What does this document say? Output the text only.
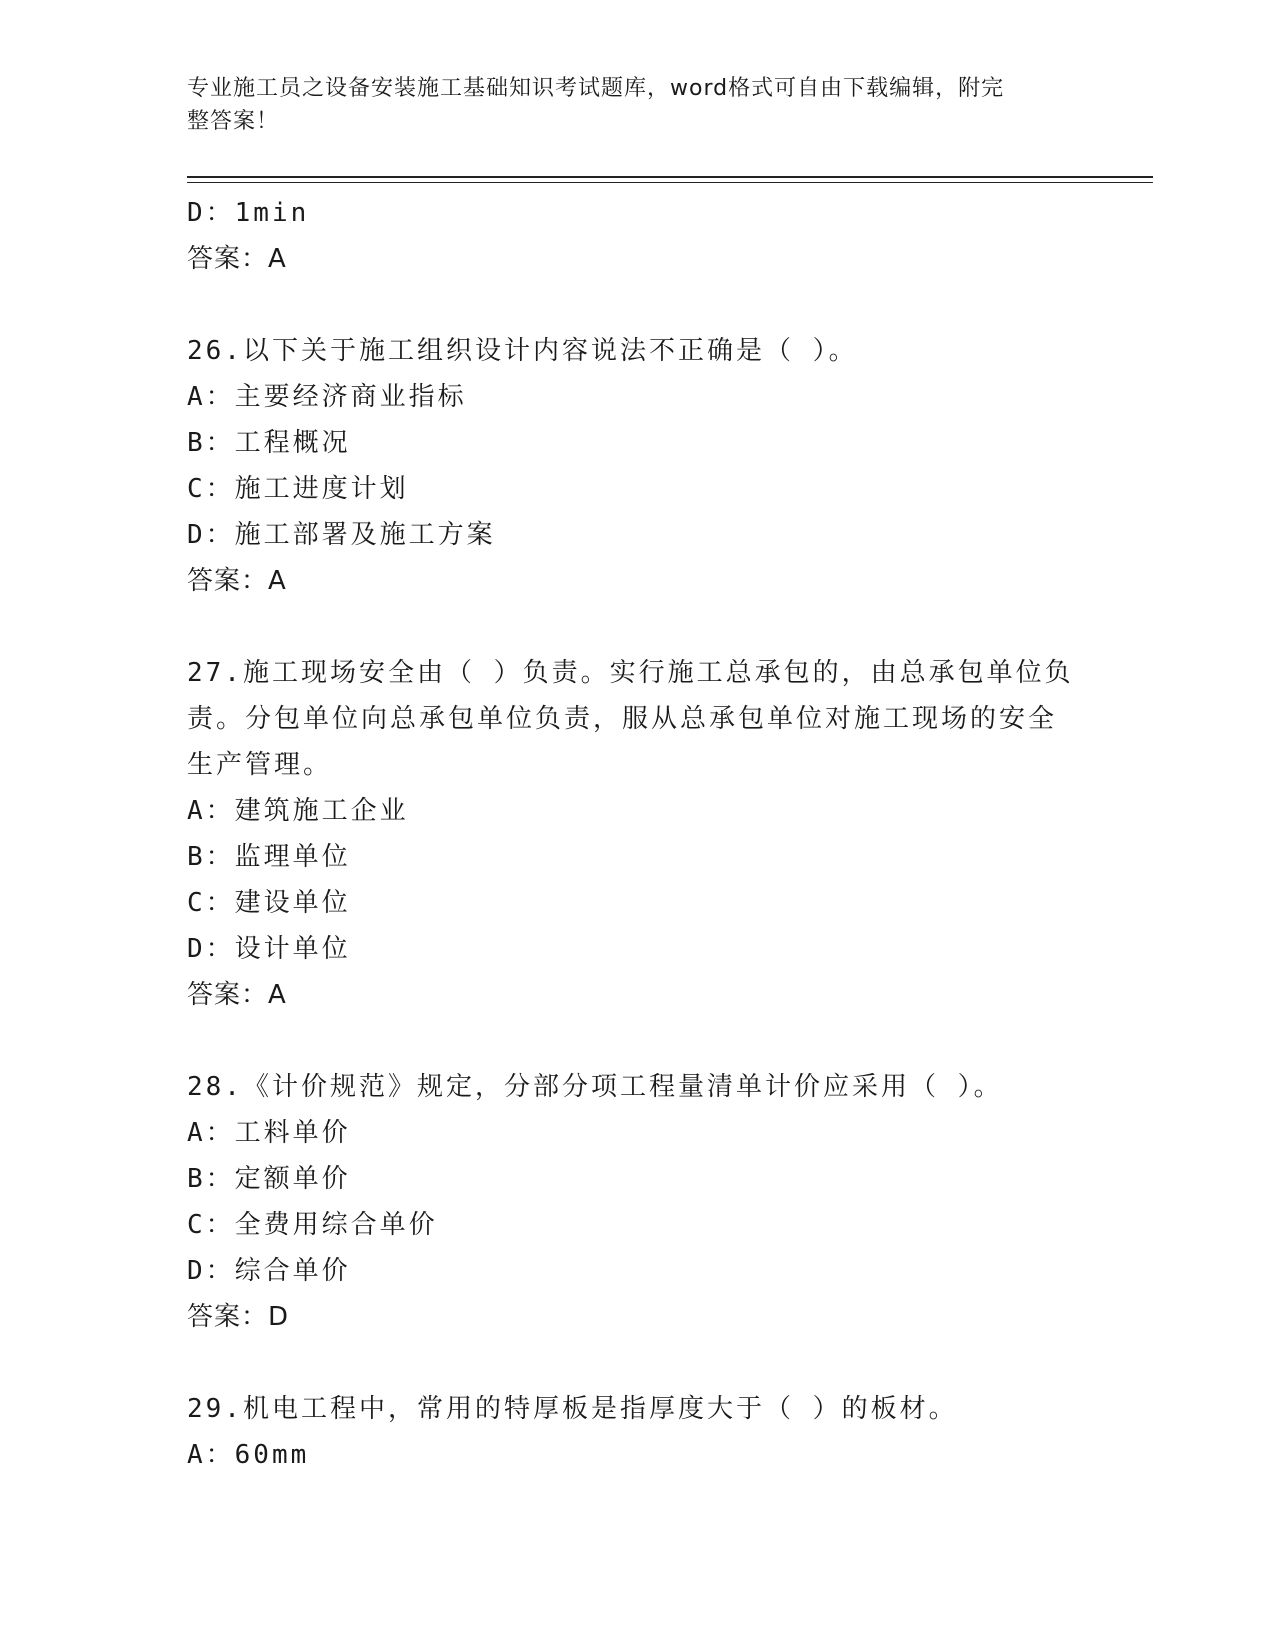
专业施工员之设备安装施工基础知识考试题库，word格式可自由下载编辑，附完
整答案！
D：1min
答案：A
26.以下关于施工组织设计内容说法不正确是（ ）。
A：主要经济商业指标
B：工程概况
C：施工进度计划
D：施工部署及施工方案
答案：A
27.施工现场安全由（ ）负责。实行施工总承包的，由总承包单位负
责。分包单位向总承包单位负责，服从总承包单位对施工现场的安全
生产管理。
A：建筑施工企业
B：监理单位
C：建设单位
D：设计单位
答案：A
28.《计价规范》规定，分部分项工程量清单计价应采用（ ）。
A：工料单价
B：定额单价
C：全费用综合单价
D：综合单价
答案：D
29.机电工程中，常用的特厚板是指厚度大于（ ）的板材。
A：60mm
